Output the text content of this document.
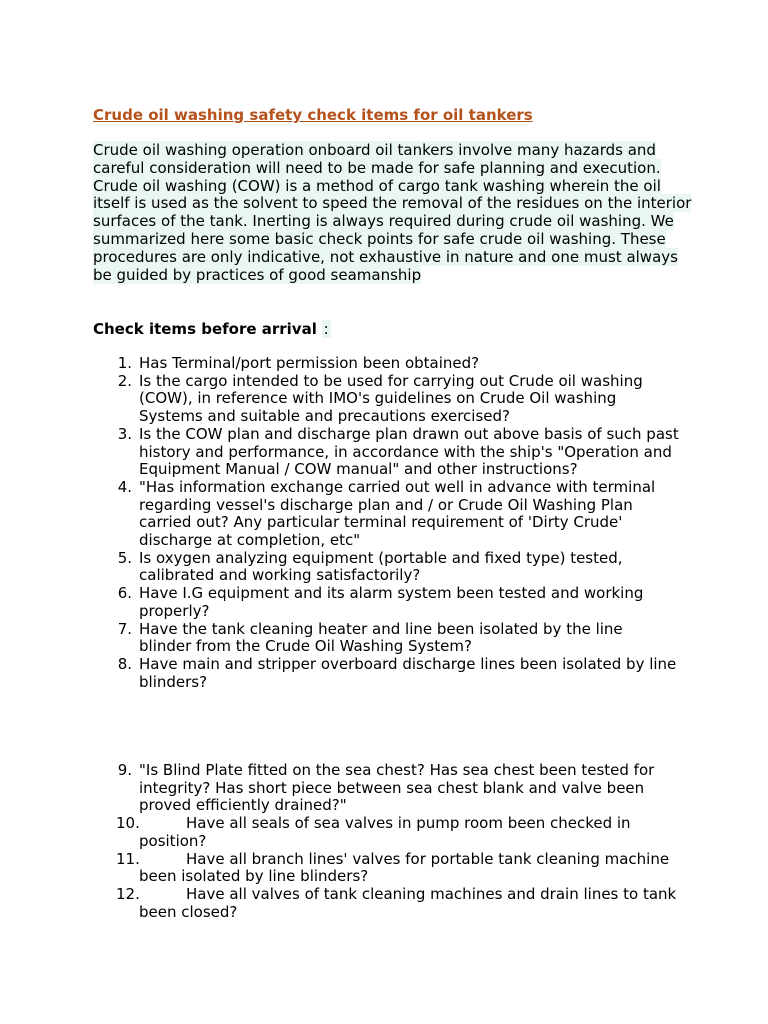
Crude oil washing safety check items for oil tankers

Crude oil washing operation onboard oil tankers involve many hazards and careful consideration will need to be made for safe planning and execution. Crude oil washing (COW) is a method of cargo tank washing wherein the oil itself is used as the solvent to speed the removal of the residues on the interior surfaces of the tank. Inerting is always required during crude oil washing. We summarized here some basic check points for safe crude oil washing. These procedures are only indicative, not exhaustive in nature and one must always be guided by practices of good seamanship

Check items before arrival :

1. Has Terminal/port permission been obtained?
2. Is the cargo intended to be used for carrying out Crude oil washing (COW), in reference with IMO's guidelines on Crude Oil washing Systems and suitable and precautions exercised?
3. Is the COW plan and discharge plan drawn out above basis of such past history and performance, in accordance with the ship's "Operation and Equipment Manual / COW manual" and other instructions?
4. "Has information exchange carried out well in advance with terminal regarding vessel's discharge plan and / or Crude Oil Washing Plan carried out? Any particular terminal requirement of 'Dirty Crude' discharge at completion, etc"
5. Is oxygen analyzing equipment (portable and fixed type) tested, calibrated and working satisfactorily?
6. Have I.G equipment and its alarm system been tested and working properly?
7. Have the tank cleaning heater and line been isolated by the line blinder from the Crude Oil Washing System?
8. Have main and stripper overboard discharge lines been isolated by line blinders?
9. "Is Blind Plate fitted on the sea chest? Has sea chest been tested for integrity? Has short piece between sea chest blank and valve been proved efficiently drained?"
10.	Have all seals of sea valves in pump room been checked in position?
11.	Have all branch lines' valves for portable tank cleaning machine been isolated by line blinders?
12.	Have all valves of tank cleaning machines and drain lines to tank been closed?
